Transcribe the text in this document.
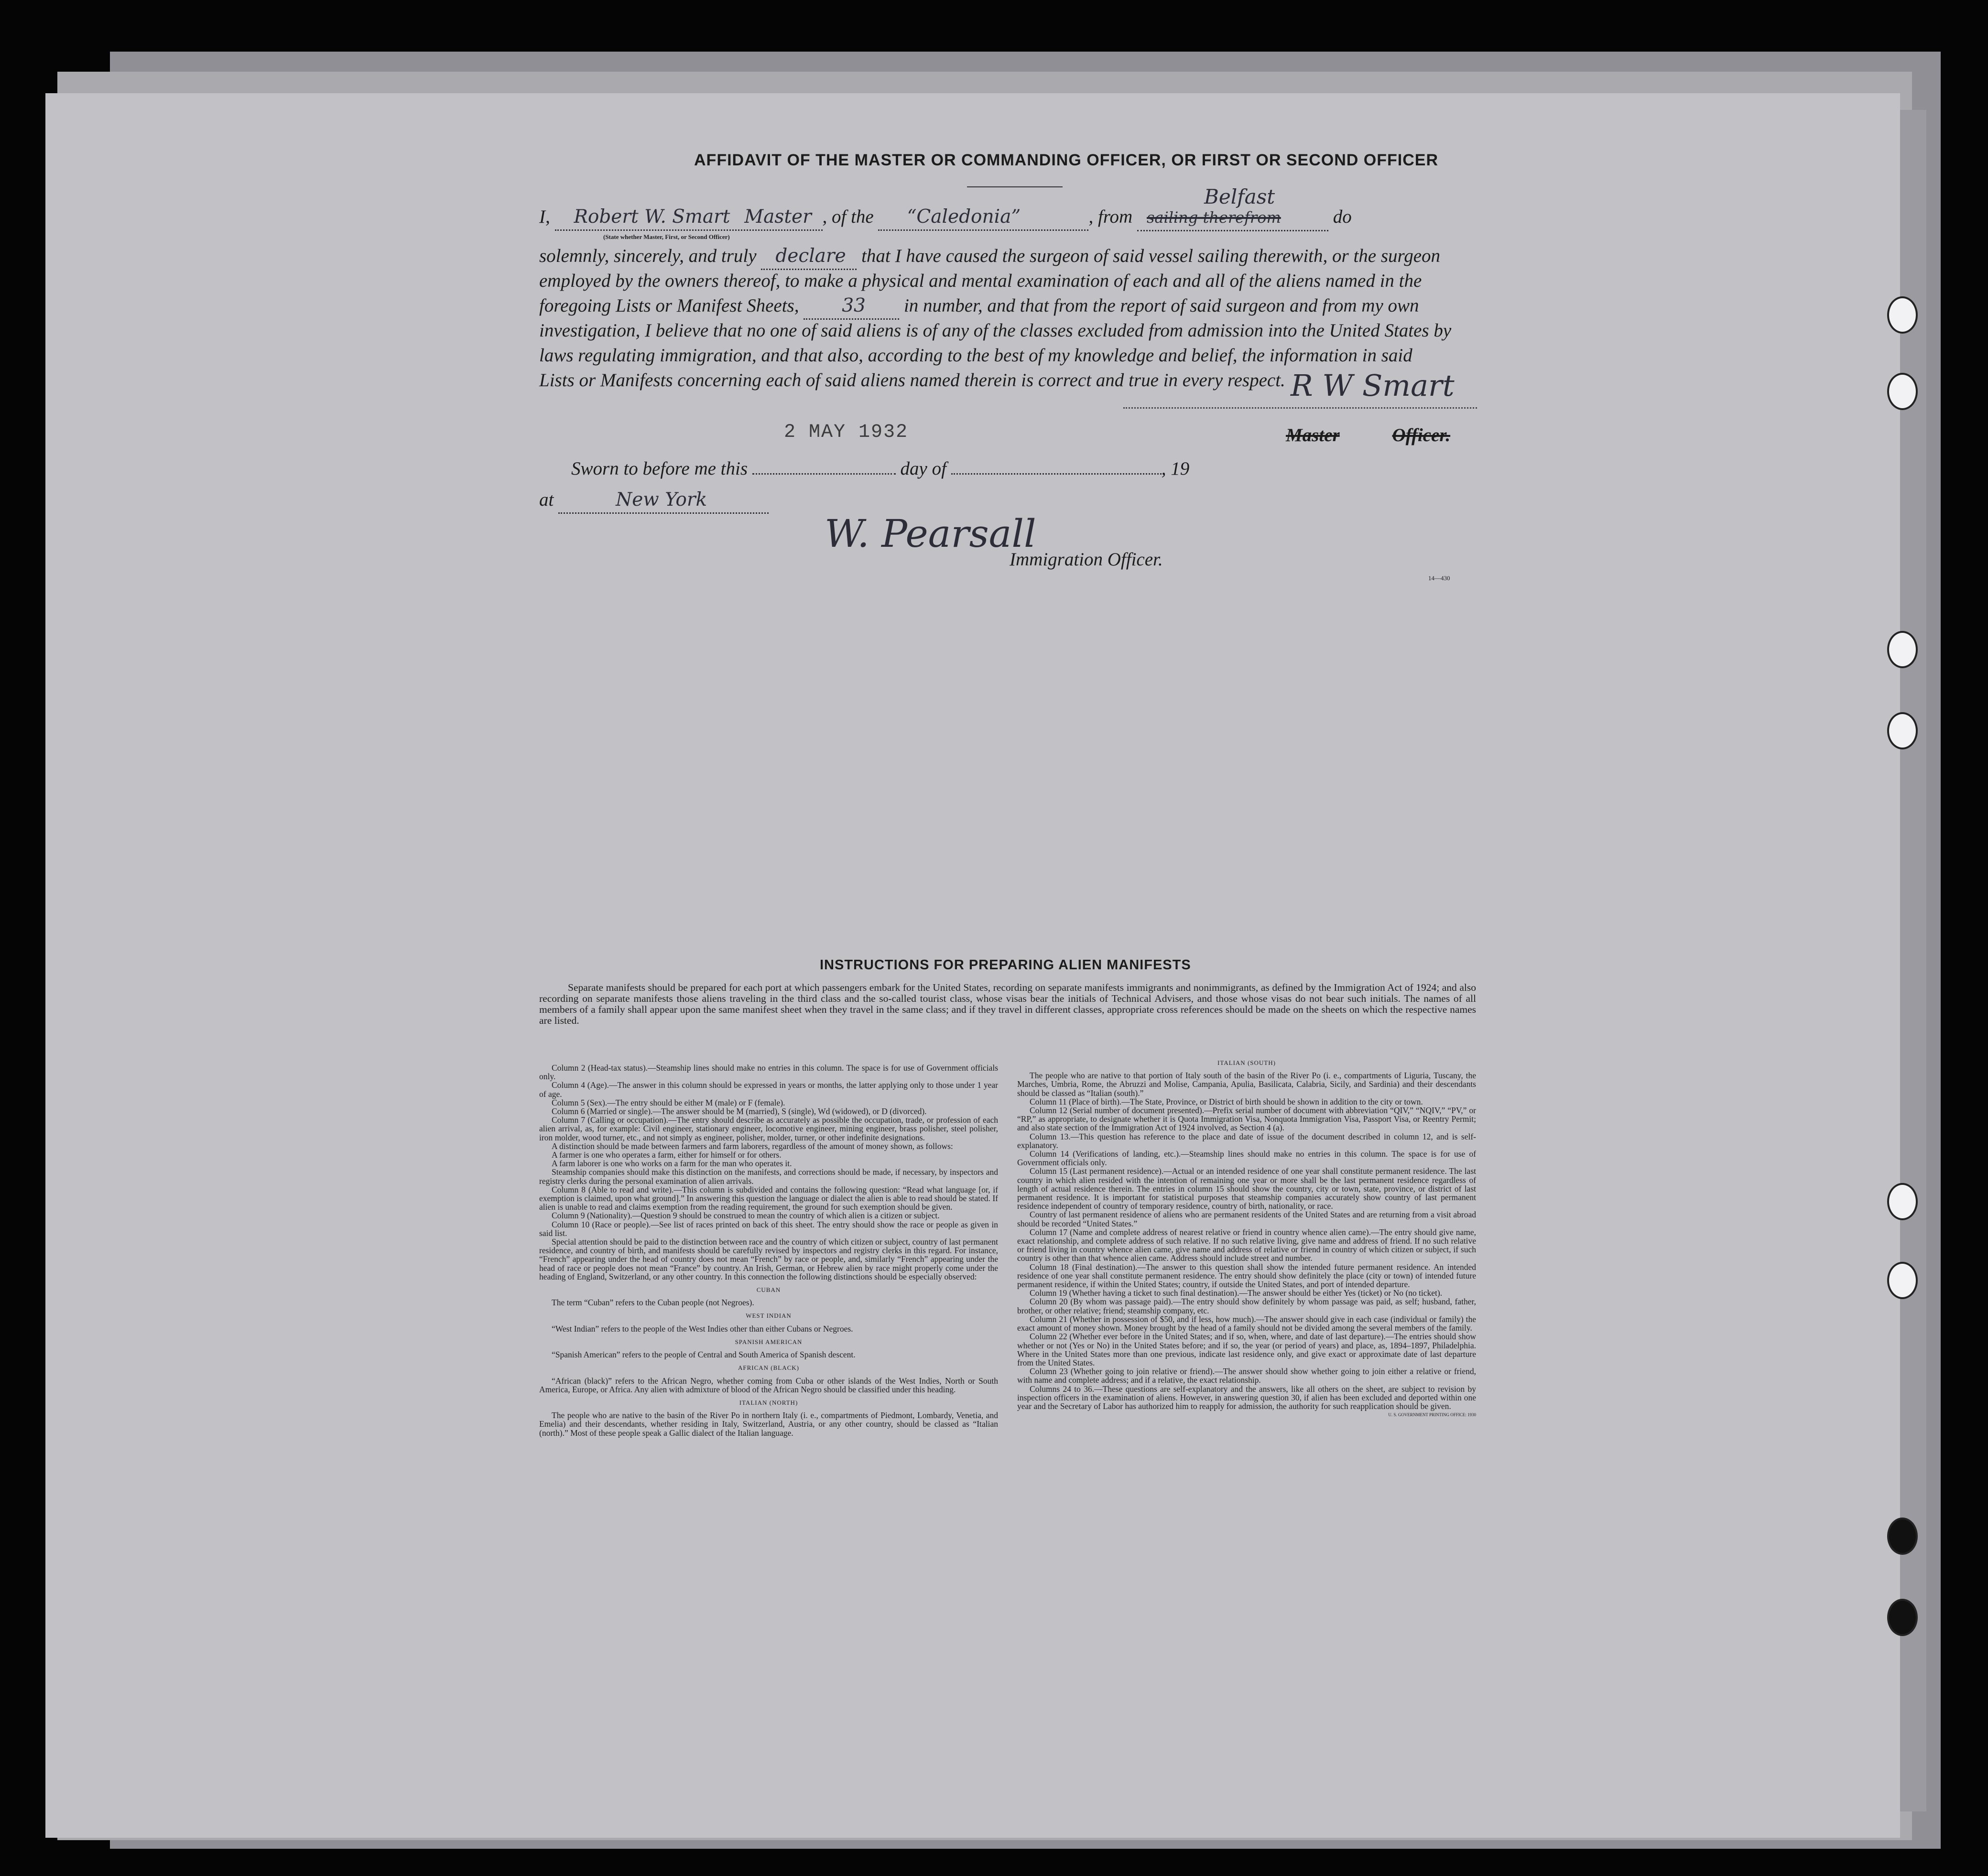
AFFIDAVIT OF THE MASTER OR COMMANDING OFFICER, OR FIRST OR SECOND OFFICER
I, Robert W. Smart Master , of the “Caledonia”	, from sailing therefrom
Belfast
do
(State whether Master, First, or Second Officer)
solemnly, sincerely, and truly declare that I have caused the surgeon of said vessel sailing therewith, or the surgeon
employed by the owners thereof, to make a physical and mental examination of each and all of the aliens named in the
foregoing Lists or Manifest Sheets, 33 in number, and that from the report of said surgeon and from my own
investigation, I believe that no one of said aliens is of any of the classes excluded from admission into the United States by
laws regulating immigration, and that also, according to the best of my knowledge and belief, the information in said
Lists or Manifests concerning each of said aliens named therein is correct and true in every respect. R W Smart
Master	Officer.
2 MAY 1932
Sworn to before me this	day of	, 19
at	New York
W. Pearsall
Immigration Officer.
14—430
INSTRUCTIONS FOR PREPARING ALIEN MANIFESTS
Separate manifests should be prepared for each port at which passengers embark for the United States, recording on separate manifests immigrants and nonimmigrants, as defined by the Immigration Act of 1924; and also recording on separate manifests those aliens traveling in the third class and the so-called tourist class, whose visas bear the initials of Technical Advisers, and those whose visas do not bear such initials. The names of all members of a family shall appear upon the same manifest sheet when they travel in the same class; and if they travel in different classes, appropriate cross references should be made on the sheets on which the respective names are listed.

Column 2 (Head-tax status).—Steamship lines should make no entries in this column. The space is for use of Government officials only.

Column 4 (Age).—The answer in this column should be expressed in years or months, the latter applying only to those under 1 year of age.

Column 5 (Sex).—The entry should be either M (male) or F (female).

Column 6 (Married or single).—The answer should be M (married), S (single), Wd (widowed), or D (divorced).

Column 7 (Calling or occupation).—The entry should describe as accurately as possible the occupation, trade, or profession of each alien arrival, as, for example: Civil engineer, stationary engineer, locomotive engineer, mining engineer, brass polisher, steel polisher, iron molder, wood turner, etc., and not simply as engineer, polisher, molder, turner, or other indefinite designations.

A distinction should be made between farmers and farm laborers, regardless of the amount of money shown, as follows:

A farmer is one who operates a farm, either for himself or for others.

A farm laborer is one who works on a farm for the man who operates it.

Steamship companies should make this distinction on the manifests, and corrections should be made, if necessary, by inspectors and registry clerks during the personal examination of alien arrivals.

Column 8 (Able to read and write).—This column is subdivided and contains the following question: “Read what language [or, if exemption is claimed, upon what ground].” In answering this question the language or dialect the alien is able to read should be stated. If alien is unable to read and claims exemption from the reading requirement, the ground for such exemption should be given.

Column 9 (Nationality).—Question 9 should be construed to mean the country of which alien is a citizen or subject.

Column 10 (Race or people).—See list of races printed on back of this sheet. The entry should show the race or people as given in said list.

Special attention should be paid to the distinction between race and the country of which citizen or subject, country of last permanent residence, and country of birth, and manifests should be carefully revised by inspectors and registry clerks in this regard. For instance, “French” appearing under the head of country does not mean “French” by race or people, and, similarly “French” appearing under the head of race or people does not mean “France” by country. An Irish, German, or Hebrew alien by race might properly come under the heading of England, Switzerland, or any other country. In this connection the following distinctions should be especially observed:

CUBAN

The term “Cuban” refers to the Cuban people (not Negroes).

WEST INDIAN

“West Indian” refers to the people of the West Indies other than either Cubans or Negroes.

SPANISH AMERICAN

“Spanish American” refers to the people of Central and South America of Spanish descent.

AFRICAN (BLACK)

“African (black)” refers to the African Negro, whether coming from Cuba or other islands of the West Indies, North or South America, Europe, or Africa. Any alien with admixture of blood of the African Negro should be classified under this heading.

ITALIAN (NORTH)

The people who are native to the basin of the River Po in northern Italy (i. e., compartments of Piedmont, Lombardy, Venetia, and Emelia) and their descendants, whether residing in Italy, Switzerland, Austria, or any other country, should be classed as “Italian (north).” Most of these people speak a Gallic dialect of the Italian language.

ITALIAN (SOUTH)

The people who are native to that portion of Italy south of the basin of the River Po (i. e., compartments of Liguria, Tuscany, the Marches, Umbria, Rome, the Abruzzi and Molise, Campania, Apulia, Basilicata, Calabria, Sicily, and Sardinia) and their descendants should be classed as “Italian (south).”

Column 11 (Place of birth).—The State, Province, or District of birth should be shown in addition to the city or town.

Column 12 (Serial number of document presented).—Prefix serial number of document with abbreviation “QIV,” “NQIV,” “PV,” or “RP,” as appropriate, to designate whether it is Quota Immigration Visa, Nonquota Immigration Visa, Passport Visa, or Reentry Permit; and also state section of the Immigration Act of 1924 involved, as Section 4 (a).

Column 13.—This question has reference to the place and date of issue of the document described in column 12, and is self-explanatory.

Column 14 (Verifications of landing, etc.).—Steamship lines should make no entries in this column. The space is for use of Government officials only.

Column 15 (Last permanent residence).—Actual or an intended residence of one year shall constitute permanent residence. The last country in which alien resided with the intention of remaining one year or more shall be the last permanent residence regardless of length of actual residence therein. The entries in column 15 should show the country, city or town, state, province, or district of last permanent residence. It is important for statistical purposes that steamship companies accurately show country of last permanent residence independent of country of temporary residence, country of birth, nationality, or race.

Country of last permanent residence of aliens who are permanent residents of the United States and are returning from a visit abroad should be recorded “United States.”

Column 17 (Name and complete address of nearest relative or friend in country whence alien came).—The entry should give name, exact relationship, and complete address of such relative. If no such relative living, give name and address of friend. If no such relative or friend living in country whence alien came, give name and address of relative or friend in country of which citizen or subject, if such country is other than that whence alien came. Address should include street and number.

Column 18 (Final destination).—The answer to this question shall show the intended future permanent residence. An intended residence of one year shall constitute permanent residence. The entry should show definitely the place (city or town) of intended future permanent residence, if within the United States; country, if outside the United States, and port of intended departure.

Column 19 (Whether having a ticket to such final destination).—The answer should be either Yes (ticket) or No (no ticket).

Column 20 (By whom was passage paid).—The entry should show definitely by whom passage was paid, as self; husband, father, brother, or other relative; friend; steamship company, etc.

Column 21 (Whether in possession of $50, and if less, how much).—The answer should give in each case (individual or family) the exact amount of money shown. Money brought by the head of a family should not be divided among the several members of the family.

Column 22 (Whether ever before in the United States; and if so, when, where, and date of last departure).—The entries should show whether or not (Yes or No) in the United States before; and if so, the year (or period of years) and place, as, 1894–1897, Philadelphia. Where in the United States more than one previous, indicate last residence only, and give exact or approximate date of last departure from the United States.

Column 23 (Whether going to join relative or friend).—The answer should show whether going to join either a relative or friend, with name and complete address; and if a relative, the exact relationship.

Columns 24 to 36.—These questions are self-explanatory and the answers, like all others on the sheet, are subject to revision by inspection officers in the examination of aliens. However, in answering question 30, if alien has been excluded and deported within one year and the Secretary of Labor has authorized him to reapply for admission, the authority for such reapplication should be given.

U. S. GOVERNMENT PRINTING OFFICE: 1930
